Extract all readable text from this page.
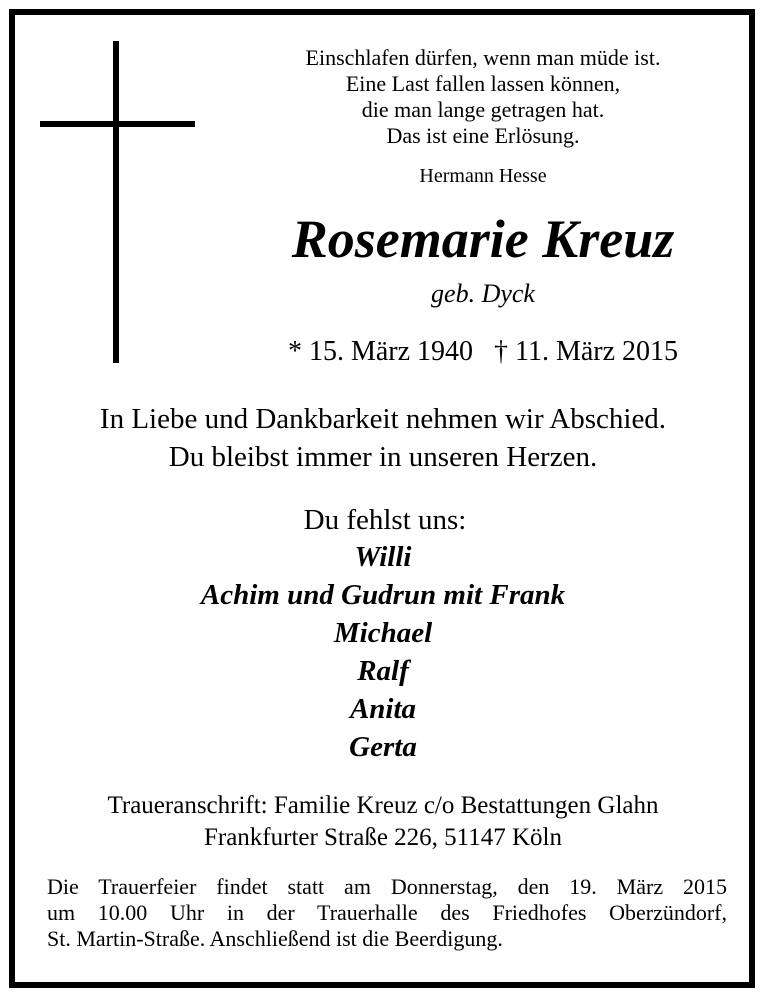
Einschlafen dürfen, wenn man müde ist.
Eine Last fallen lassen können,
die man lange getragen hat.
Das ist eine Erlösung.
Hermann Hesse
Rosemarie Kreuz
geb. Dyck
* 15. März 1940   † 11. März 2015
In Liebe und Dankbarkeit nehmen wir Abschied.
Du bleibst immer in unseren Herzen.
Du fehlst uns:
Willi
Achim und Gudrun mit Frank
Michael
Ralf
Anita
Gerta
Traueranschrift: Familie Kreuz c/o Bestattungen Glahn
Frankfurter Straße 226, 51147 Köln
Die Trauerfeier findet statt am Donnerstag, den 19. März 2015
um 10.00 Uhr in der Trauerhalle des Friedhofes Oberzündorf,
St. Martin-Straße. Anschließend ist die Beerdigung.
